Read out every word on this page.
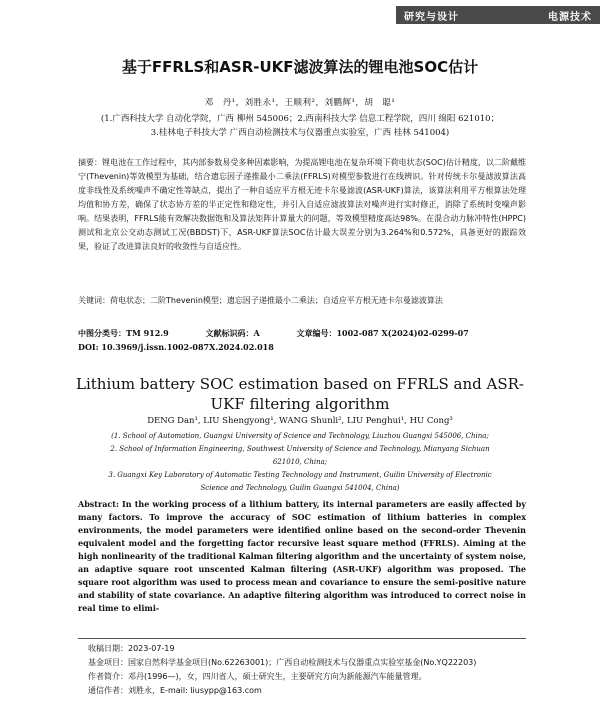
研究与设计	电源技术
基于FFRLS和ASR-UKF滤波算法的锂电池SOC估计
邓　丹¹，刘胜永¹，王顺利²，刘鹏辉¹，胡　聪¹
(1.广西科技大学 自动化学院，广西 柳州 545006；2.西南科技大学 信息工程学院，四川 绵阳 621010；
3.桂林电子科技大学 广西自动检测技术与仪器重点实验室，广西 桂林 541004)
摘要：锂电池在工作过程中，其内部参数易受多种因素影响，为提高锂电池在复杂环境下荷电状态(SOC)估计精度，以二阶戴维宁(Thevenin)等效模型为基础，结合遗忘因子递推最小二乘法(FFRLS)对模型参数进行在线辨识。针对传统卡尔曼滤波算法高度非线性及系统噪声不确定性等缺点，提出了一种自适应平方根无迹卡尔曼滤波(ASR-UKF)算法，该算法利用平方根算法处理均值和协方差，确保了状态协方差的半正定性和稳定性，并引入自适应滤波算法对噪声进行实时修正，消除了系统时变噪声影响。结果表明，FFRLS能有效解决数据饱和及算法矩阵计算量大的问题，等效模型精度高达98%。在混合动力脉冲特性(HPPC)测试和北京公交动态测试工况(BBDST)下，ASR-UKF算法SOC估计最大误差分别为3.264%和0.572%，具备更好的跟踪效果，验证了改进算法良好的收敛性与自适应性。
关键词：荷电状态；二阶Thevenin模型；遗忘因子递推最小二乘法；自适应平方根无迹卡尔曼滤波算法
中图分类号：TM 912.9	文献标识码：A	文章编号：1002-087 X(2024)02-0299-07
DOI: 10.3969/j.issn.1002-087X.2024.02.018
Lithium battery SOC estimation based on FFRLS and ASR-UKF filtering algorithm
DENG Dan¹, LIU Shengyong¹, WANG Shunli², LIU Penghui¹, HU Cong³
(1. School of Automation, Guangxi University of Science and Technology, Liuzhou Guangxi 545006, China;
2. School of Information Engineering, Southwest University of Science and Technology, Mianyang Sichuan 621010, China;
3. Guangxi Key Laboratory of Automatic Testing Technology and Instrument, Guilin University of Electronic Science and Technology, Guilin Guangxi 541004, China)
Abstract: In the working process of a lithium battery, its internal parameters are easily affected by many factors. To improve the accuracy of SOC estimation of lithium batteries in complex environments, the model parameters were identified online based on the second-order Thevenin equivalent model and the forgetting factor recursive least square method (FFRLS). Aiming at the high nonlinearity of the traditional Kalman filtering algorithm and the uncertainty of system noise, an adaptive square root unscented Kalman filtering (ASR-UKF) algorithm was proposed. The square root algorithm was used to process mean and covariance to ensure the semi-positive nature and stability of state covariance. An adaptive filtering algorithm was introduced to correct noise in real time to elimi-
收稿日期：2023-07-19
基金项目：国家自然科学基金项目(No.62263001)；广西自动检测技术与仪器重点实验室基金(No.YQ22203)
作者简介：邓丹(1996—)，女，四川省人，硕士研究生，主要研究方向为新能源汽车能量管理。
通信作者：刘胜永，E-mail: liusypp@163.com
